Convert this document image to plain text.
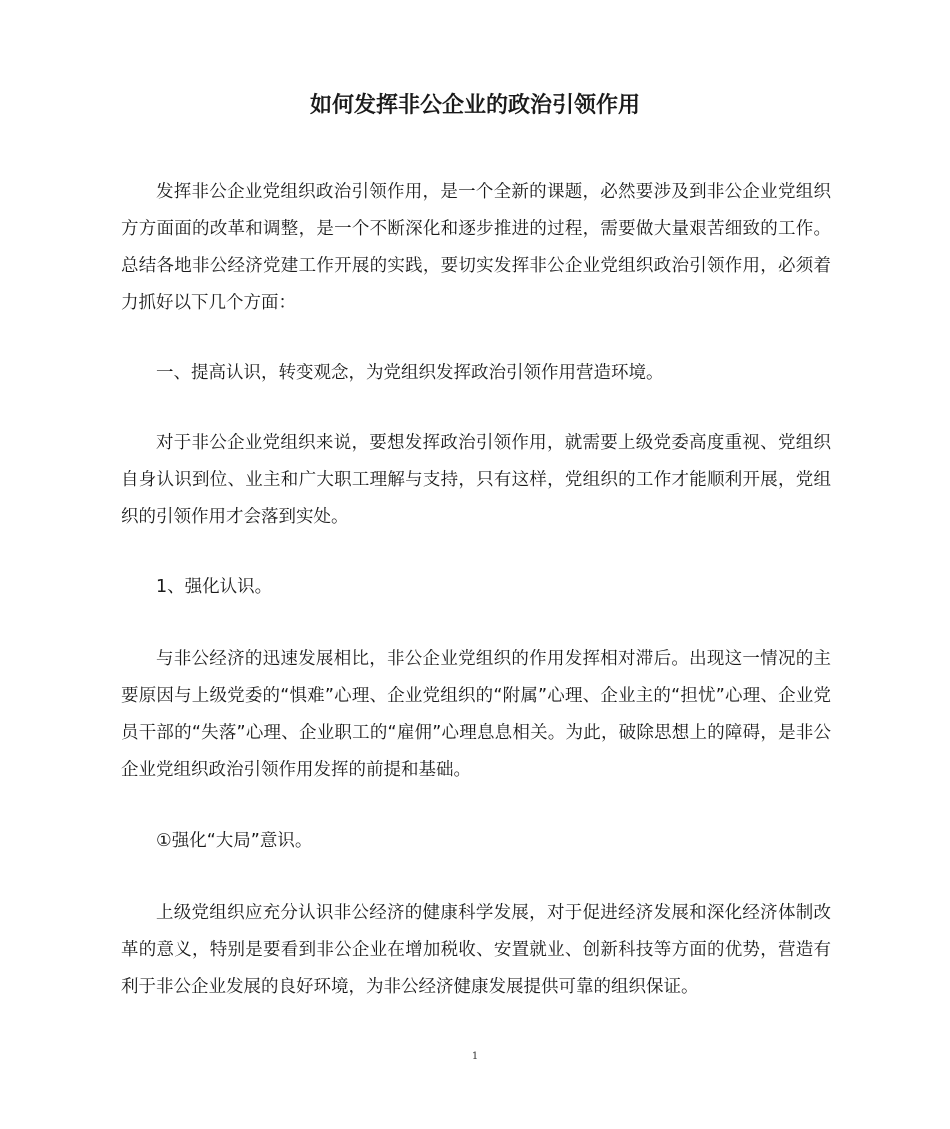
如何发挥非公企业的政治引领作用

发挥非公企业党组织政治引领作用，是一个全新的课题，必然要涉及到非公企业党组织方方面面的改革和调整，是一个不断深化和逐步推进的过程，需要做大量艰苦细致的工作。总结各地非公经济党建工作开展的实践，要切实发挥非公企业党组织政治引领作用，必须着力抓好以下几个方面：

一、提高认识，转变观念，为党组织发挥政治引领作用营造环境。

对于非公企业党组织来说，要想发挥政治引领作用，就需要上级党委高度重视、党组织自身认识到位、业主和广大职工理解与支持，只有这样，党组织的工作才能顺利开展，党组织的引领作用才会落到实处。

1、强化认识。

与非公经济的迅速发展相比，非公企业党组织的作用发挥相对滞后。出现这一情况的主要原因与上级党委的“惧难”心理、企业党组织的“附属”心理、企业主的“担忧”心理、企业党员干部的“失落”心理、企业职工的“雇佣”心理息息相关。为此，破除思想上的障碍，是非公企业党组织政治引领作用发挥的前提和基础。

①强化“大局”意识。

上级党组织应充分认识非公经济的健康科学发展，对于促进经济发展和深化经济体制改革的意义，特别是要看到非公企业在增加税收、安置就业、创新科技等方面的优势，营造有利于非公企业发展的良好环境，为非公经济健康发展提供可靠的组织保证。

1
